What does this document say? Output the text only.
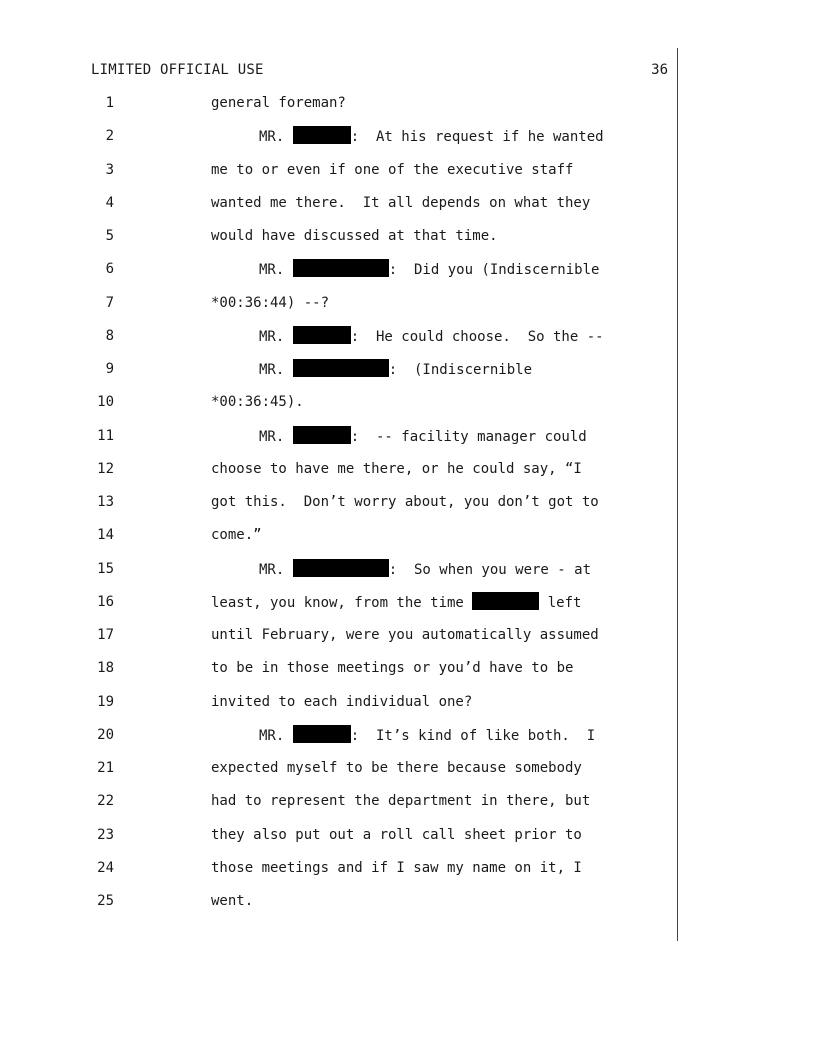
LIMITED OFFICIAL USE	36
1	general foreman?
2	MR.	:  At his request if he wanted
3	me to or even if one of the executive staff
4	wanted me there.  It all depends on what they
5	would have discussed at that time.
6	MR.	:  Did you (Indiscernible
7	*00:36:44) --?
8	MR.	:  He could choose.  So the --
9	MR.	:  (Indiscernible
10	*00:36:45).
11	MR.	:  -- facility manager could
12	choose to have me there, or he could say, “I
13	got this.  Don’t worry about, you don’t got to
14	come.”
15	MR.	:  So when you were - at
16	least, you know, from the time	left
17	until February, were you automatically assumed
18	to be in those meetings or you’d have to be
19	invited to each individual one?
20	MR.	:  It’s kind of like both.  I
21	expected myself to be there because somebody
22	had to represent the department in there, but
23	they also put out a roll call sheet prior to
24	those meetings and if I saw my name on it, I
25	went.
